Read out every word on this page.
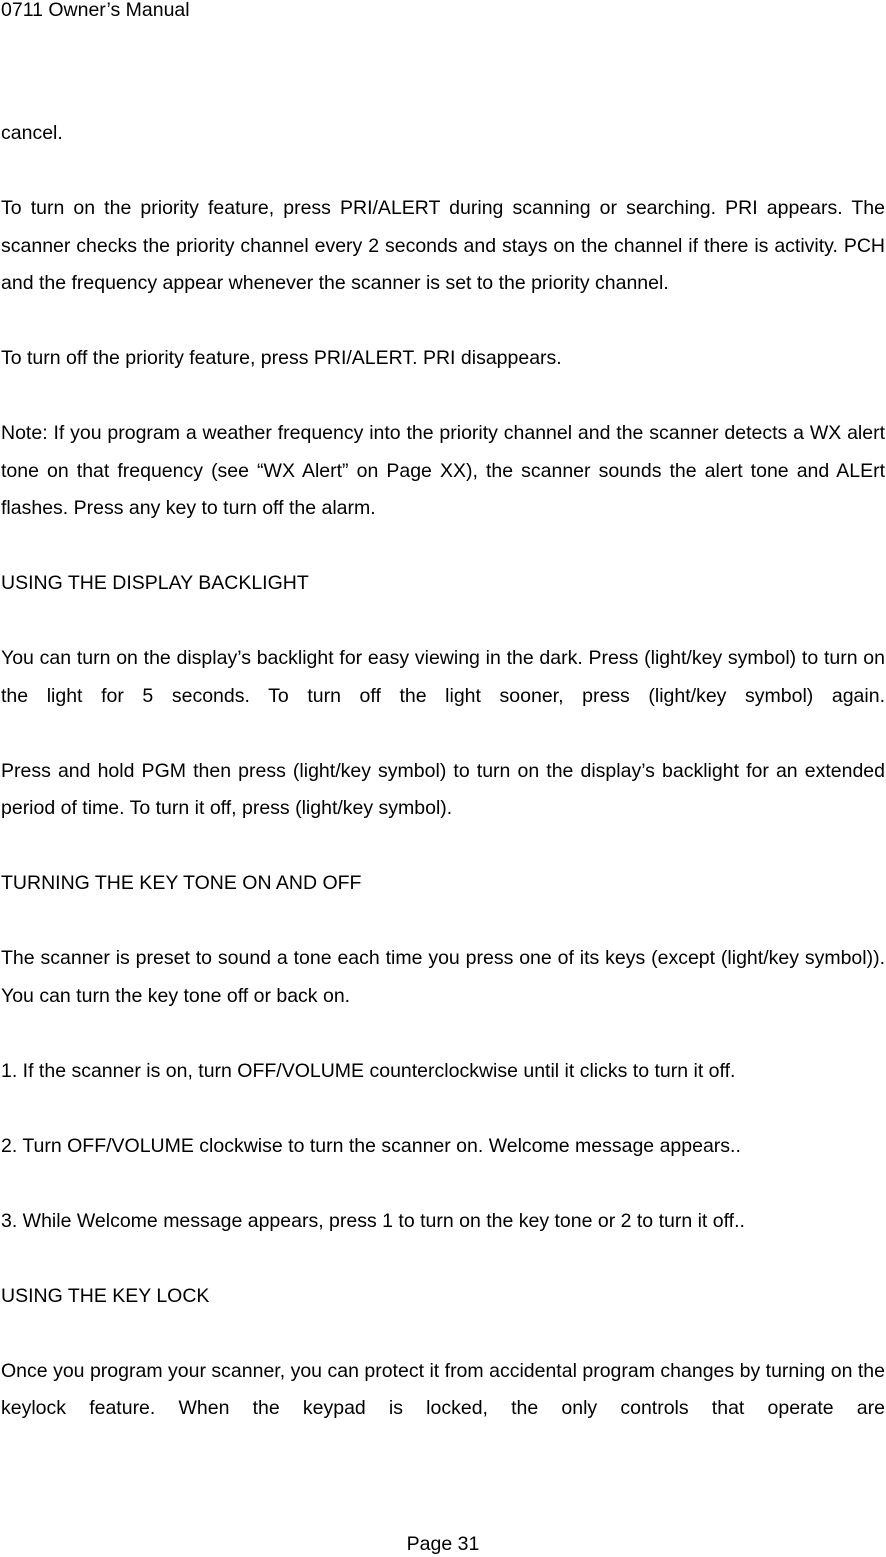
0711 Owner’s Manual

cancel.

To turn on the priority feature, press PRI/ALERT during scanning or searching. PRI appears. The scanner checks the priority channel every 2 seconds and stays on the channel if there is activity. PCH and the frequency appear whenever the scanner is set to the priority channel.

To turn off the priority feature, press PRI/ALERT. PRI disappears.

Note: If you program a weather frequency into the priority channel and the scanner detects a WX alert tone on that frequency (see “WX Alert” on Page XX), the scanner sounds the alert tone and ALErt flashes. Press any key to turn off the alarm.

USING THE DISPLAY BACKLIGHT

You can turn on the display’s backlight for easy viewing in the dark. Press (light/key symbol) to turn on the light for 5 seconds. To turn off the light sooner, press (light/key symbol) again.

Press and hold PGM then press (light/key symbol) to turn on the display’s backlight for an extended period of time. To turn it off, press (light/key symbol).

TURNING THE KEY TONE ON AND OFF

The scanner is preset to sound a tone each time you press one of its keys (except (light/key symbol)). You can turn the key tone off or back on.

1. If the scanner is on, turn OFF/VOLUME counterclockwise until it clicks to turn it off.

2. Turn OFF/VOLUME clockwise to turn the scanner on. Welcome message appears..

3. While Welcome message appears, press 1 to turn on the key tone or 2 to turn it off..

USING THE KEY LOCK

Once you program your scanner, you can protect it from accidental program changes by turning on the keylock feature. When the keypad is locked, the only controls that operate are

Page 31
